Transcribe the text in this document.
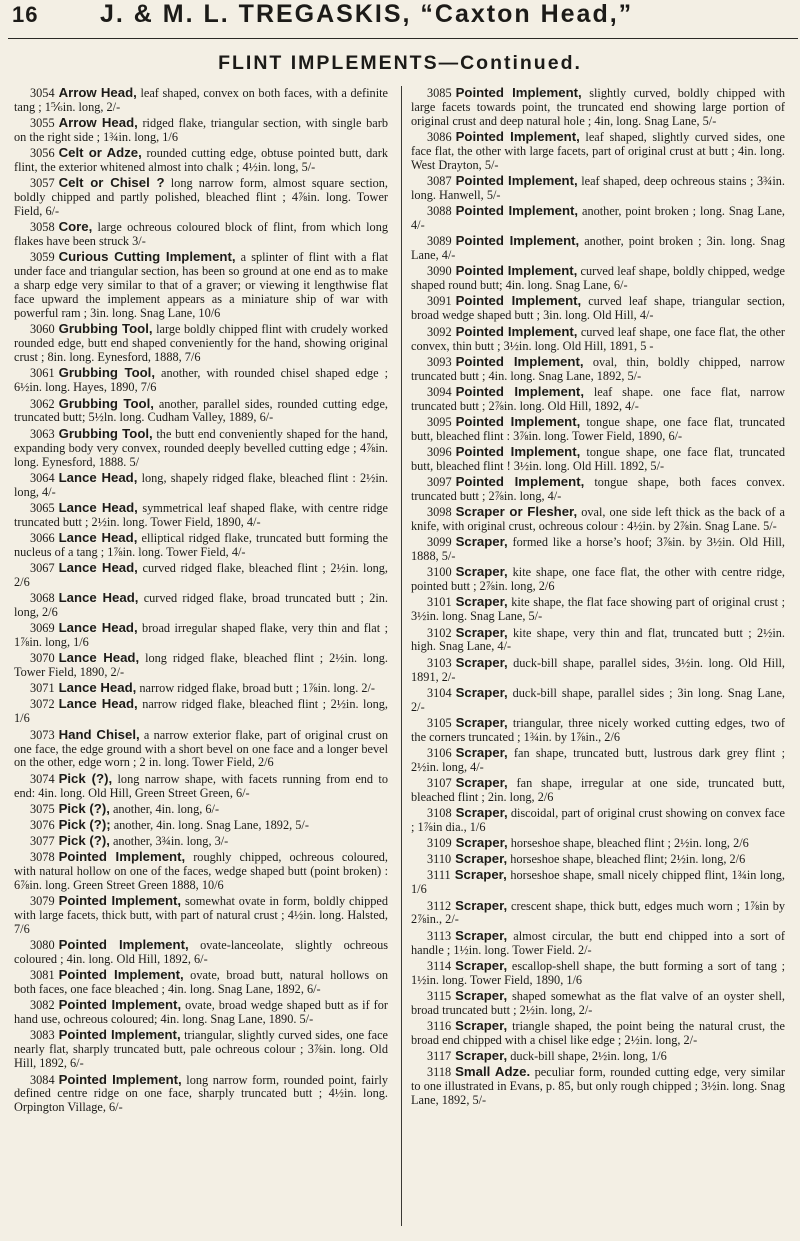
16 J. & M. L. TREGASKIS, “Caxton Head,”
FLINT IMPLEMENTS—Continued.

3054 Arrow Head, leaf shaped, convex on both faces, with a definite tang ; 1⅚in. long, 2/-

3055 Arrow Head, ridged flake, triangular section, with single barb on the right side ; 1¾in. long, 1/6

3056 Celt or Adze, rounded cutting edge, obtuse pointed butt, dark flint, the exterior whitened almost into chalk ; 4½in. long, 5/-

3057 Celt or Chisel ? long narrow form, almost square section, boldly chipped and partly polished, bleached flint ; 4⅞in. long. Tower Field, 6/-

3058 Core, large ochreous coloured block of flint, from which long flakes have been struck 3/-

3059 Curious Cutting Implement, a splinter of flint with a flat under face and triangular section, has been so ground at one end as to make a sharp edge very similar to that of a graver; or viewing it lengthwise flat face upward the implement appears as a miniature ship of war with powerful ram ; 3in. long. Snag Lane, 10/6

3060 Grubbing Tool, large boldly chipped flint with crudely worked rounded edge, butt end shaped conveniently for the hand, showing original crust ; 8in. long. Eynesford, 1888, 7/6

3061 Grubbing Tool, another, with rounded chisel shaped edge ; 6½in. long. Hayes, 1890, 7/6

3062 Grubbing Tool, another, parallel sides, rounded cutting edge, truncated butt; 5½ln. long. Cudham Valley, 1889, 6/-

3063 Grubbing Tool, the butt end conveniently shaped for the hand, expanding body very convex, rounded deeply bevelled cutting edge ; 4⅞in. long. Eynesford, 1888. 5/

3064 Lance Head, long, shapely ridged flake, bleached flint : 2½in. long, 4/-

3065 Lance Head, symmetrical leaf shaped flake, with centre ridge truncated butt ; 2½in. long. Tower Field, 1890, 4/-

3066 Lance Head, elliptical ridged flake, truncated butt forming the nucleus of a tang ; 1⅞in. long. Tower Field, 4/-

3067 Lance Head, curved ridged flake, bleached flint ; 2½in. long, 2/6

3068 Lance Head, curved ridged flake, broad truncated butt ; 2in. long, 2/6

3069 Lance Head, broad irregular shaped flake, very thin and flat ; 1⅞in. long, 1/6

3070 Lance Head, long ridged flake, bleached flint ; 2½in. long. Tower Field, 1890, 2/-

3071 Lance Head, narrow ridged flake, broad butt ; 1⅞in. long. 2/-

3072 Lance Head, narrow ridged flake, bleached flint ; 2½in. long, 1/6

3073 Hand Chisel, a narrow exterior flake, part of original crust on one face, the edge ground with a short bevel on one face and a longer bevel on the other, edge worn ; 2 in. long. Tower Field, 2/6

3074 Pick (?), long narrow shape, with facets running from end to end: 4in. long. Old Hill, Green Street Green, 6/-

3075 Pick (?), another, 4in. long, 6/-

3076 Pick (?); another, 4in. long. Snag Lane, 1892, 5/-

3077 Pick (?), another, 3¾in. long, 3/-

3078 Pointed Implement, roughly chipped, ochreous coloured, with natural hollow on one of the faces, wedge shaped butt (point broken) : 6⅞in. long. Green Street Green 1888, 10/6

3079 Pointed Implement, somewhat ovate in form, boldly chipped with large facets, thick butt, with part of natural crust ; 4½in. long. Halsted, 7/6

3080 Pointed Implement, ovate-lanceolate, slightly ochreous coloured ; 4in. long. Old Hill, 1892, 6/-

3081 Pointed Implement, ovate, broad butt, natural hollows on both faces, one face bleached ; 4in. long. Snag Lane, 1892, 6/-

3082 Pointed Implement, ovate, broad wedge shaped butt as if for hand use, ochreous coloured; 4in. long. Snag Lane, 1890. 5/-

3083 Pointed Implement, triangular, slightly curved sides, one face nearly flat, sharply truncated butt, pale ochreous colour ; 3⅞in. long. Old Hill, 1892, 6/-

3084 Pointed Implement, long narrow form, rounded point, fairly defined centre ridge on one face, sharply truncated butt ; 4½in. long. Orpington Village, 6/-

3085 Pointed Implement, slightly curved, boldly chipped with large facets towards point, the truncated end showing large portion of original crust and deep natural hole ; 4in, long. Snag Lane, 5/-

3086 Pointed Implement, leaf shaped, slightly curved sides, one face flat, the other with large facets, part of original crust at butt ; 4in. long. West Drayton, 5/-

3087 Pointed Implement, leaf shaped, deep ochreous stains ; 3¾in. long. Hanwell, 5/-

3088 Pointed Implement, another, point broken ; long. Snag Lane, 4/-

3089 Pointed Implement, another, point broken ; 3in. long. Snag Lane, 4/-

3090 Pointed Implement, curved leaf shape, boldly chipped, wedge shaped round butt; 4in. long. Snag Lane, 6/-

3091 Pointed Implement, curved leaf shape, triangular section, broad wedge shaped butt ; 3in. long. Old Hill, 4/-

3092 Pointed Implement, curved leaf shape, one face flat, the other convex, thin butt ; 3½in. long. Old Hill, 1891, 5 -

3093 Pointed Implement, oval, thin, boldly chipped, narrow truncated butt ; 4in. long. Snag Lane, 1892, 5/-

3094 Pointed Implement, leaf shape. one face flat, narrow truncated butt ; 2⅞in. long. Old Hill, 1892, 4/-

3095 Pointed Implement, tongue shape, one face flat, truncated butt, bleached flint : 3⅞in. long. Tower Field, 1890, 6/-

3096 Pointed Implement, tongue shape, one face flat, truncated butt, bleached flint ! 3½in. long. Old Hill. 1892, 5/-

3097 Pointed Implement, tongue shape, both faces convex. truncated butt ; 2⅞in. long, 4/-

3098 Scraper or Flesher, oval, one side left thick as the back of a knife, with original crust, ochreous colour : 4½in. by 2⅞in. Snag Lane. 5/-

3099 Scraper, formed like a horse’s hoof; 3⅞in. by 3½in. Old Hill, 1888, 5/-

3100 Scraper, kite shape, one face flat, the other with centre ridge, pointed butt ; 2⅞in. long, 2/6

3101 Scraper, kite shape, the flat face showing part of original crust ; 3½in. long. Snag Lane, 5/-

3102 Scraper, kite shape, very thin and flat, truncated butt ; 2½in. high. Snag Lane, 4/-

3103 Scraper, duck-bill shape, parallel sides, 3½in. long. Old Hill, 1891, 2/-

3104 Scraper, duck-bill shape, parallel sides ; 3in long. Snag Lane, 2/-

3105 Scraper, triangular, three nicely worked cutting edges, two of the corners truncated ; 1¾in. by 1⅞in., 2/6

3106 Scraper, fan shape, truncated butt, lustrous dark grey flint ; 2½in. long, 4/-

3107 Scraper, fan shape, irregular at one side, truncated butt, bleached flint ; 2in. long, 2/6

3108 Scraper, discoidal, part of original crust showing on convex face ; 1⅞in dia., 1/6

3109 Scraper, horseshoe shape, bleached flint ; 2½in. long, 2/6

3110 Scraper, horseshoe shape, bleached flint; 2½in. long, 2/6

3111 Scraper, horseshoe shape, small nicely chipped flint, 1¾in long, 1/6

3112 Scraper, crescent shape, thick butt, edges much worn ; 1⅞in by 2⅞in., 2/-

3113 Scraper, almost circular, the butt end chipped into a sort of handle ; 1½in. long. Tower Field. 2/-

3114 Scraper, escallop-shell shape, the butt forming a sort of tang ; 1½in. long. Tower Field, 1890, 1/6

3115 Scraper, shaped somewhat as the flat valve of an oyster shell, broad truncated butt ; 2½in. long, 2/-

3116 Scraper, triangle shaped, the point being the natural crust, the broad end chipped with a chisel like edge ; 2½in. long, 2/-

3117 Scraper, duck-bill shape, 2½in. long, 1/6

3118 Small Adze. peculiar form, rounded cutting edge, very similar to one illustrated in Evans, p. 85, but only rough chipped ; 3½in. long. Snag Lane, 1892, 5/-
